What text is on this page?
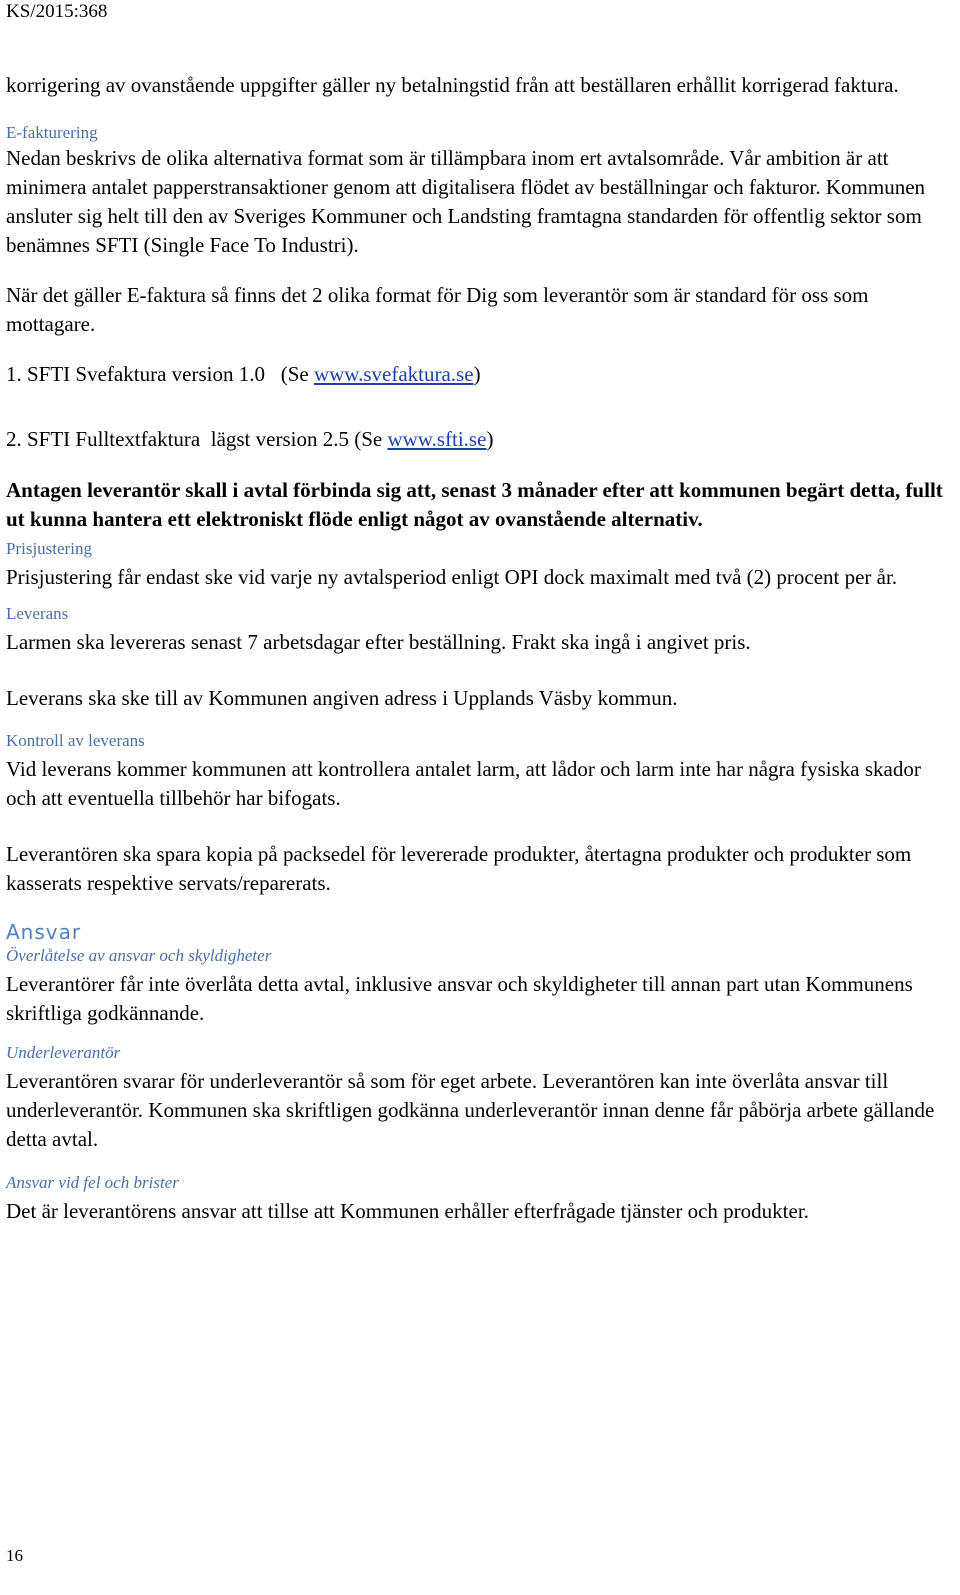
KS/2015:368

korrigering av ovanstående uppgifter gäller ny betalningstid från att beställaren erhållit korrigerad faktura.

E-fakturering

Nedan beskrivs de olika alternativa format som är tillämpbara inom ert avtalsområde. Vår ambition är att minimera antalet papperstransaktioner genom att digitalisera flödet av beställningar och fakturor. Kommunen ansluter sig helt till den av Sveriges Kommuner och Landsting framtagna standarden för offentlig sektor som benämnes SFTI (Single Face To Industri).

När det gäller E-faktura så finns det 2 olika format för Dig som leverantör som är standard för oss som mottagare.

1. SFTI Svefaktura version 1.0   (Se www.svefaktura.se)

2. SFTI Fulltextfaktura  lägst version 2.5 (Se www.sfti.se)

Antagen leverantör skall i avtal förbinda sig att, senast 3 månader efter att kommunen begärt detta, fullt ut kunna hantera ett elektroniskt flöde enligt något av ovanstående alternativ.

Prisjustering

Prisjustering får endast ske vid varje ny avtalsperiod enligt OPI dock maximalt med två (2) procent per år.

Leverans

Larmen ska levereras senast 7 arbetsdagar efter beställning. Frakt ska ingå i angivet pris.

Leverans ska ske till av Kommunen angiven adress i Upplands Väsby kommun.

Kontroll av leverans

Vid leverans kommer kommunen att kontrollera antalet larm, att lådor och larm inte har några fysiska skador och att eventuella tillbehör har bifogats.

Leverantören ska spara kopia på packsedel för levererade produkter, återtagna produkter och produkter som kasserats respektive servats/reparerats.

Ansvar
Överlåtelse av ansvar och skyldigheter

Leverantörer får inte överlåta detta avtal, inklusive ansvar och skyldigheter till annan part utan Kommunens skriftliga godkännande.

Underleverantör

Leverantören svarar för underleverantör så som för eget arbete. Leverantören kan inte överlåta ansvar till underleverantör. Kommunen ska skriftligen godkänna underleverantör innan denne får påbörja arbete gällande detta avtal.

Ansvar vid fel och brister

Det är leverantörens ansvar att tillse att Kommunen erhåller efterfrågade tjänster och produkter.

16
